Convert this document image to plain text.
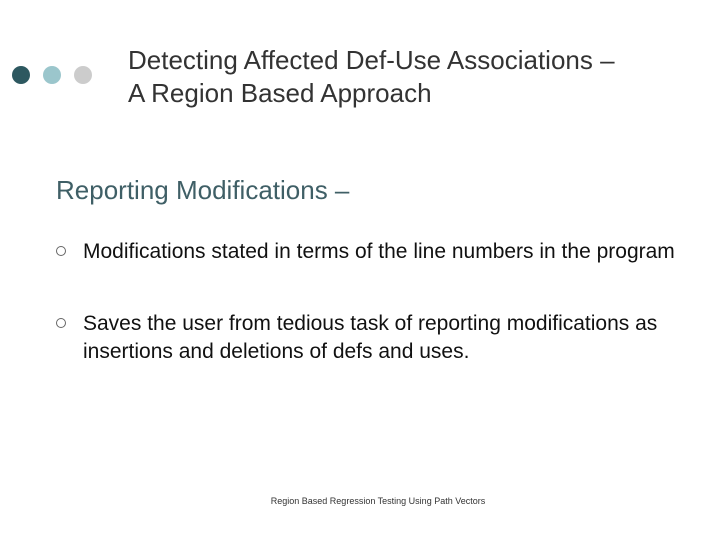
Detecting Affected Def-Use Associations –
A Region Based Approach
Reporting Modifications –
Modifications stated in terms of the line numbers in the program
Saves the user from tedious task of reporting modifications as insertions and deletions of defs and uses.
Region Based Regression Testing Using Path Vectors
